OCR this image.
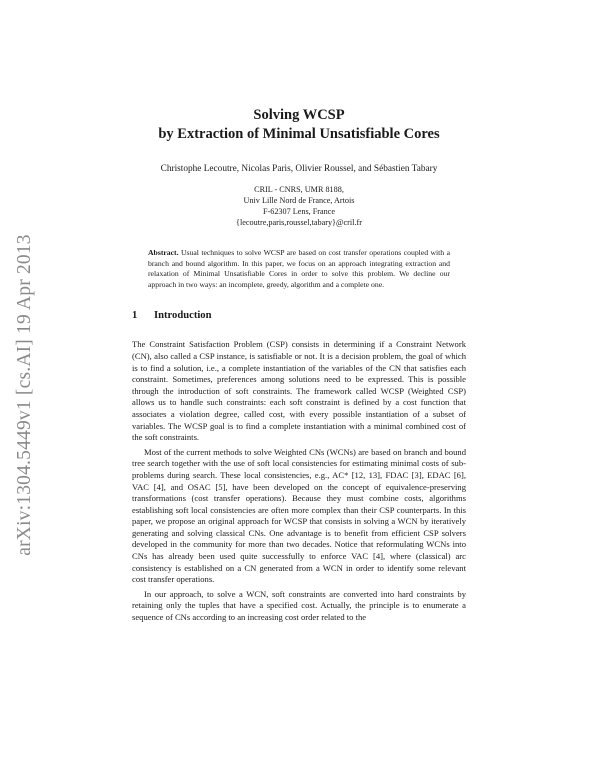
arXiv:1304.5449v1 [cs.AI] 19 Apr 2013
Solving WCSP
by Extraction of Minimal Unsatisfiable Cores
Christophe Lecoutre, Nicolas Paris, Olivier Roussel, and Sébastien Tabary
CRIL - CNRS, UMR 8188,
Univ Lille Nord de France, Artois
F-62307 Lens, France
{lecoutre,paris,roussel,tabary}@cril.fr
Abstract. Usual techniques to solve WCSP are based on cost transfer operations coupled with a branch and bound algorithm. In this paper, we focus on an approach integrating extraction and relaxation of Minimal Unsatisfiable Cores in order to solve this problem. We decline our approach in two ways: an incomplete, greedy, algorithm and a complete one.
1 Introduction

The Constraint Satisfaction Problem (CSP) consists in determining if a Constraint Network (CN), also called a CSP instance, is satisfiable or not. It is a decision problem, the goal of which is to find a solution, i.e., a complete instantiation of the variables of the CN that satisfies each constraint. Sometimes, preferences among solutions need to be expressed. This is possible through the introduction of soft constraints. The framework called WCSP (Weighted CSP) allows us to handle such constraints: each soft constraint is defined by a cost function that associates a violation degree, called cost, with every possible instantiation of a subset of variables. The WCSP goal is to find a complete instantiation with a minimal combined cost of the soft constraints.

Most of the current methods to solve Weighted CNs (WCNs) are based on branch and bound tree search together with the use of soft local consistencies for estimating minimal costs of sub-problems during search. These local consistencies, e.g., AC* [12, 13], FDAC [3], EDAC [6], VAC [4], and OSAC [5], have been developed on the concept of equivalence-preserving transformations (cost transfer operations). Because they must combine costs, algorithms establishing soft local consistencies are often more complex than their CSP counterparts. In this paper, we propose an original approach for WCSP that consists in solving a WCN by iteratively generating and solving classical CNs. One advantage is to benefit from efficient CSP solvers developed in the community for more than two decades. Notice that reformulating WCNs into CNs has already been used quite successfully to enforce VAC [4], where (classical) arc consistency is established on a CN generated from a WCN in order to identify some relevant cost transfer operations.

In our approach, to solve a WCN, soft constraints are converted into hard constraints by retaining only the tuples that have a specified cost. Actually, the principle is to enumerate a sequence of CNs according to an increasing cost order related to the
